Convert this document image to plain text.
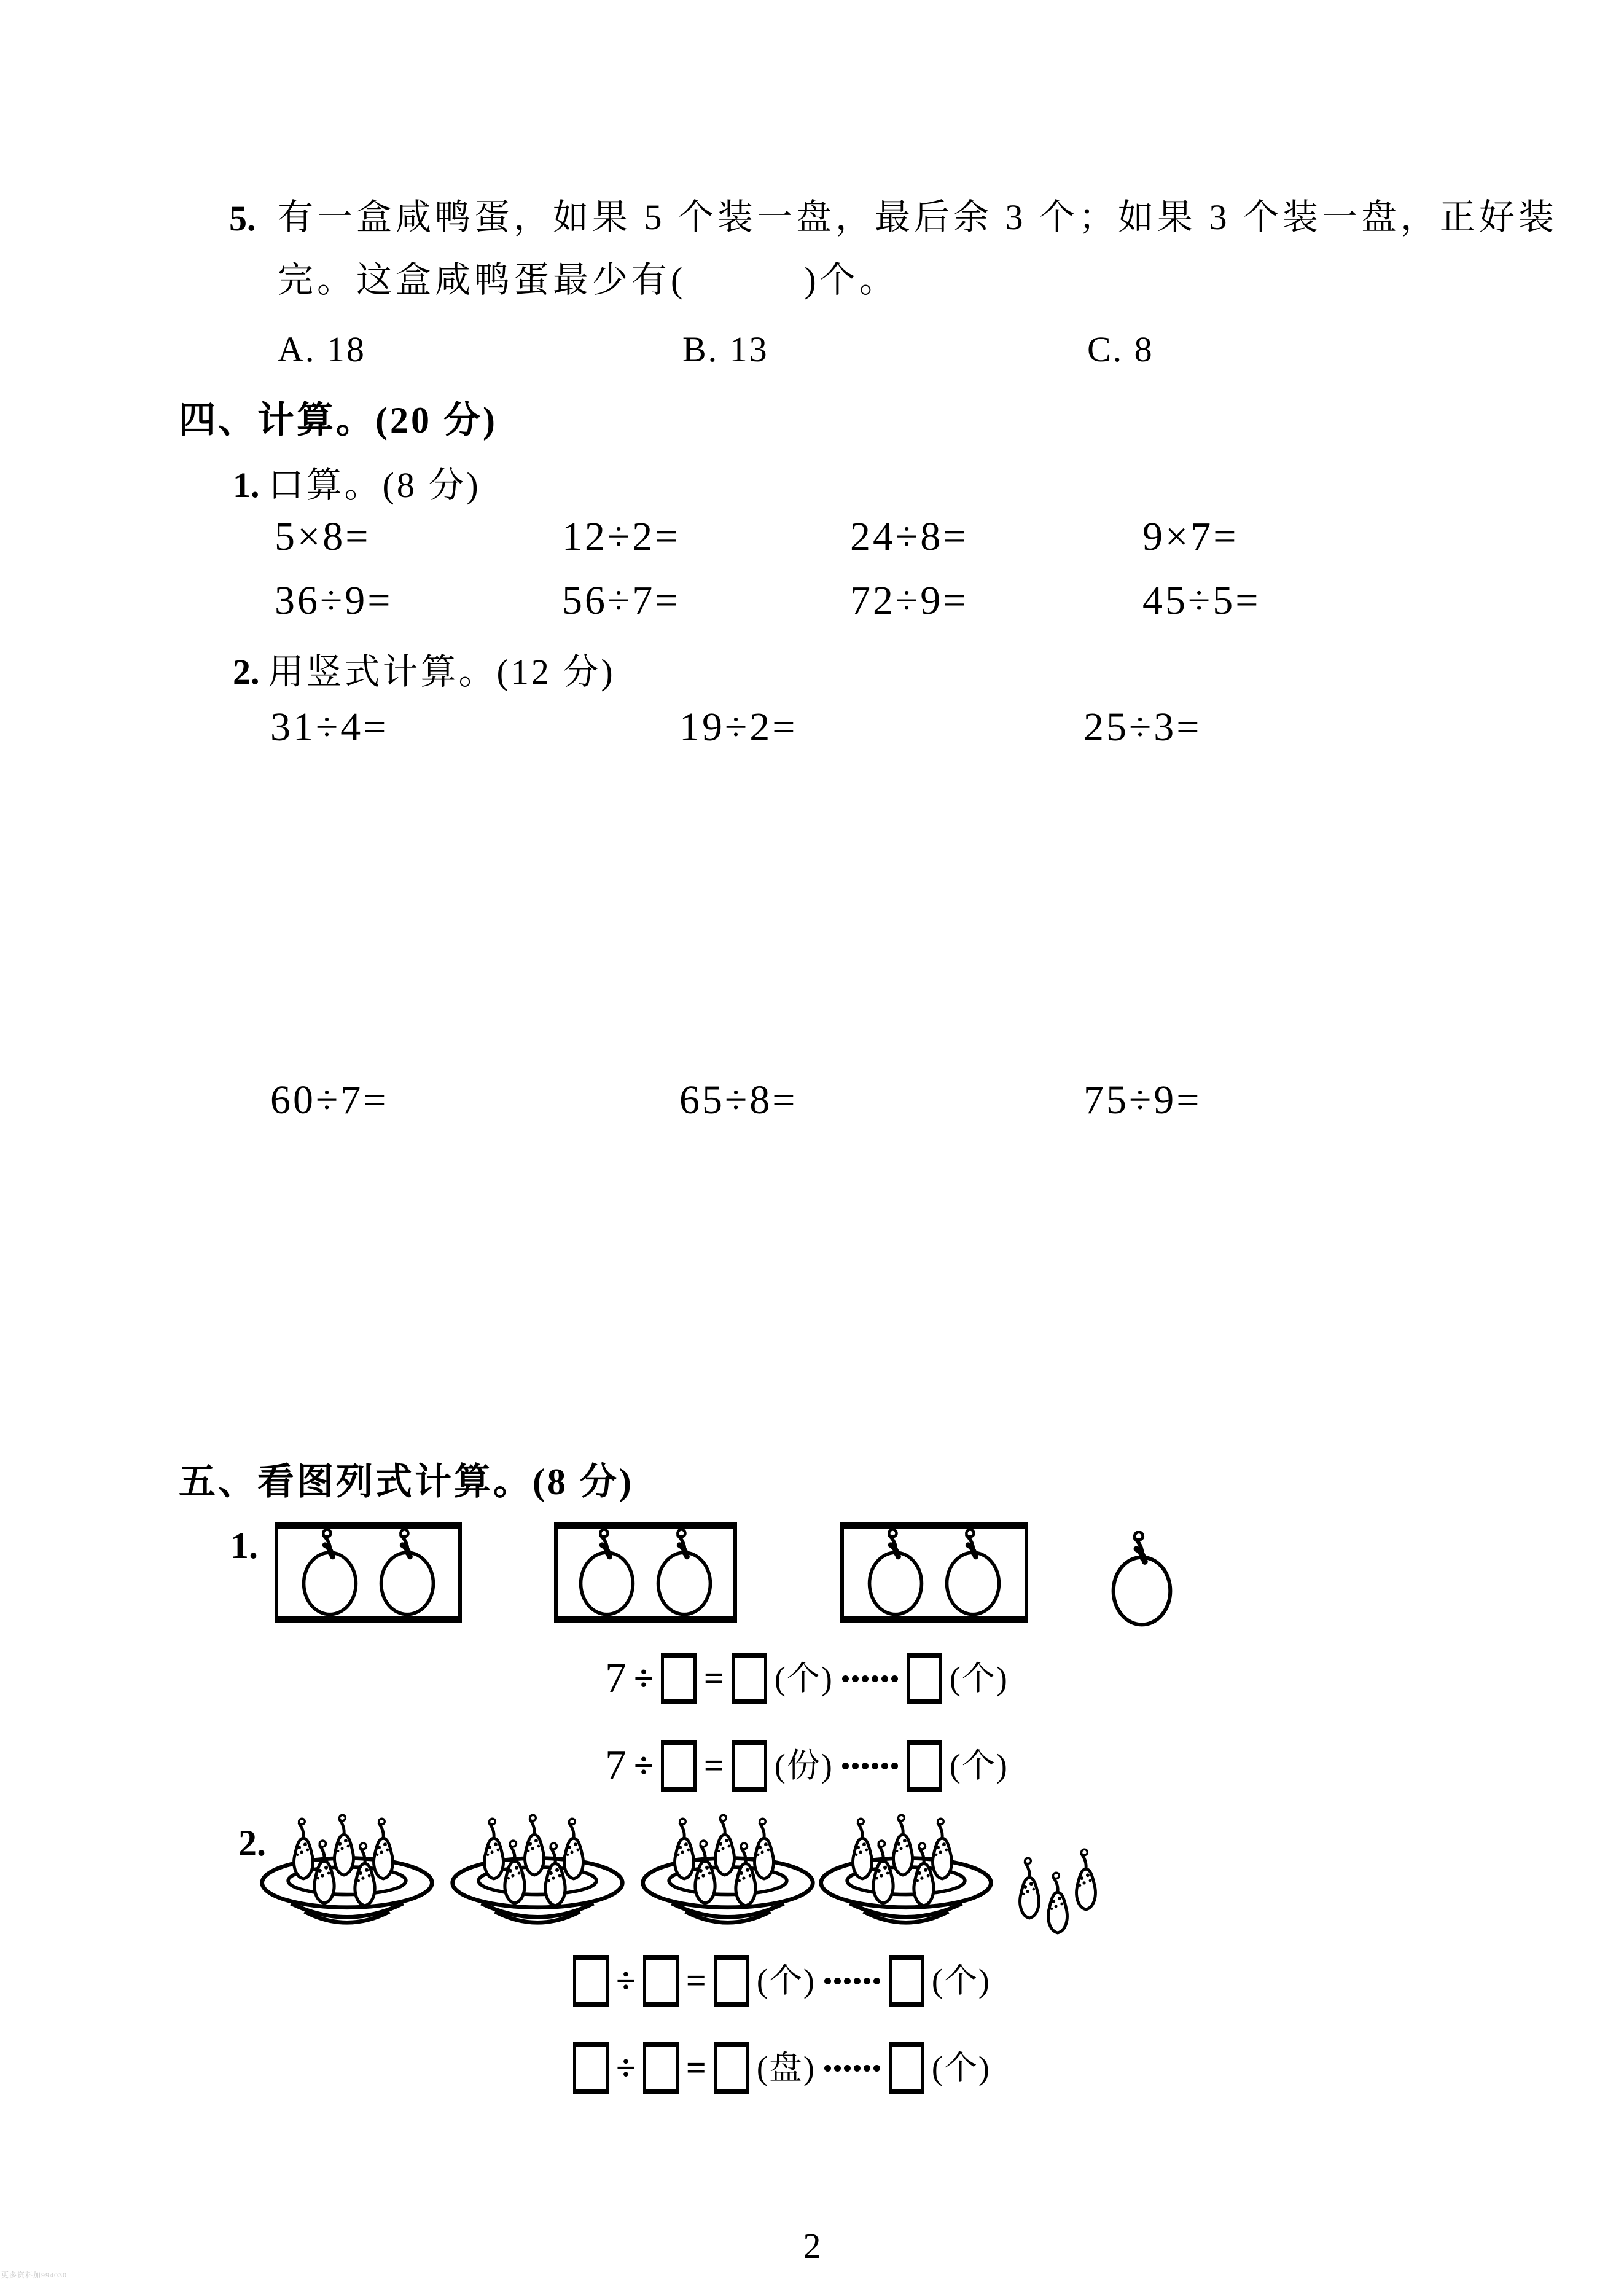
5. 有一盒咸鸭蛋，如果 5 个装一盘，最后余 3 个；如果 3 个装一盘，正好装
完。这盒咸鸭蛋最少有(　　　)个。
A. 18	B. 13	C. 8
四、计算。(20 分)
1. 口算。(8 分)
5×8=	12÷2=	24÷8=	9×7=
36÷9=	56÷7=	72÷9=	45÷5=
2. 用竖式计算。(12 分)
31÷4=	19÷2=	25÷3=
60÷7=	65÷8=	75÷9=
五、看图列式计算。(8 分)
1.
7 ÷ = (个)	(个)
7 ÷ = (份)	(个)
2.
÷ = (个)	(个)
÷ = (盘)	(个)
2
更多资料加994030
